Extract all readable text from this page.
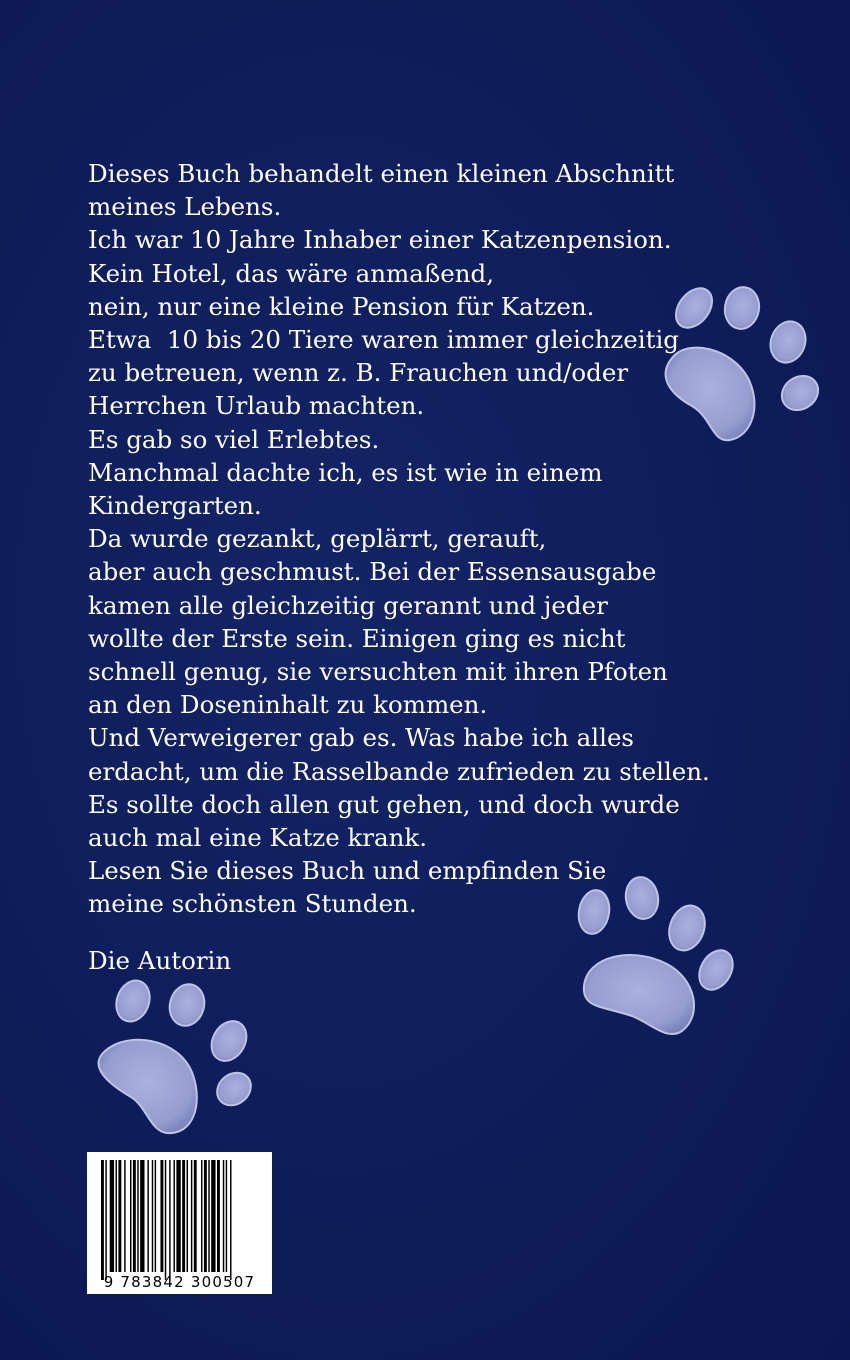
Dieses Buch behandelt einen kleinen Abschnitt
meines Lebens.
Ich war 10 Jahre Inhaber einer Katzenpension.
Kein Hotel, das wäre anmaßend,
nein, nur eine kleine Pension für Katzen.
Etwa  10 bis 20 Tiere waren immer gleichzeitig
zu betreuen, wenn z. B. Frauchen und/oder
Herrchen Urlaub machten.
Es gab so viel Erlebtes.
Manchmal dachte ich, es ist wie in einem
Kindergarten.
Da wurde gezankt, geplärrt, gerauft,
aber auch geschmust. Bei der Essensausgabe
kamen alle gleichzeitig gerannt und jeder
wollte der Erste sein. Einigen ging es nicht
schnell genug, sie versuchten mit ihren Pfoten
an den Doseninhalt zu kommen.
Und Verweigerer gab es. Was habe ich alles
erdacht, um die Rasselbande zufrieden zu stellen.
Es sollte doch allen gut gehen, und doch wurde
auch mal eine Katze krank.
Lesen Sie dieses Buch und empfinden Sie
meine schönsten Stunden.
Die Autorin
9 783842 300507
